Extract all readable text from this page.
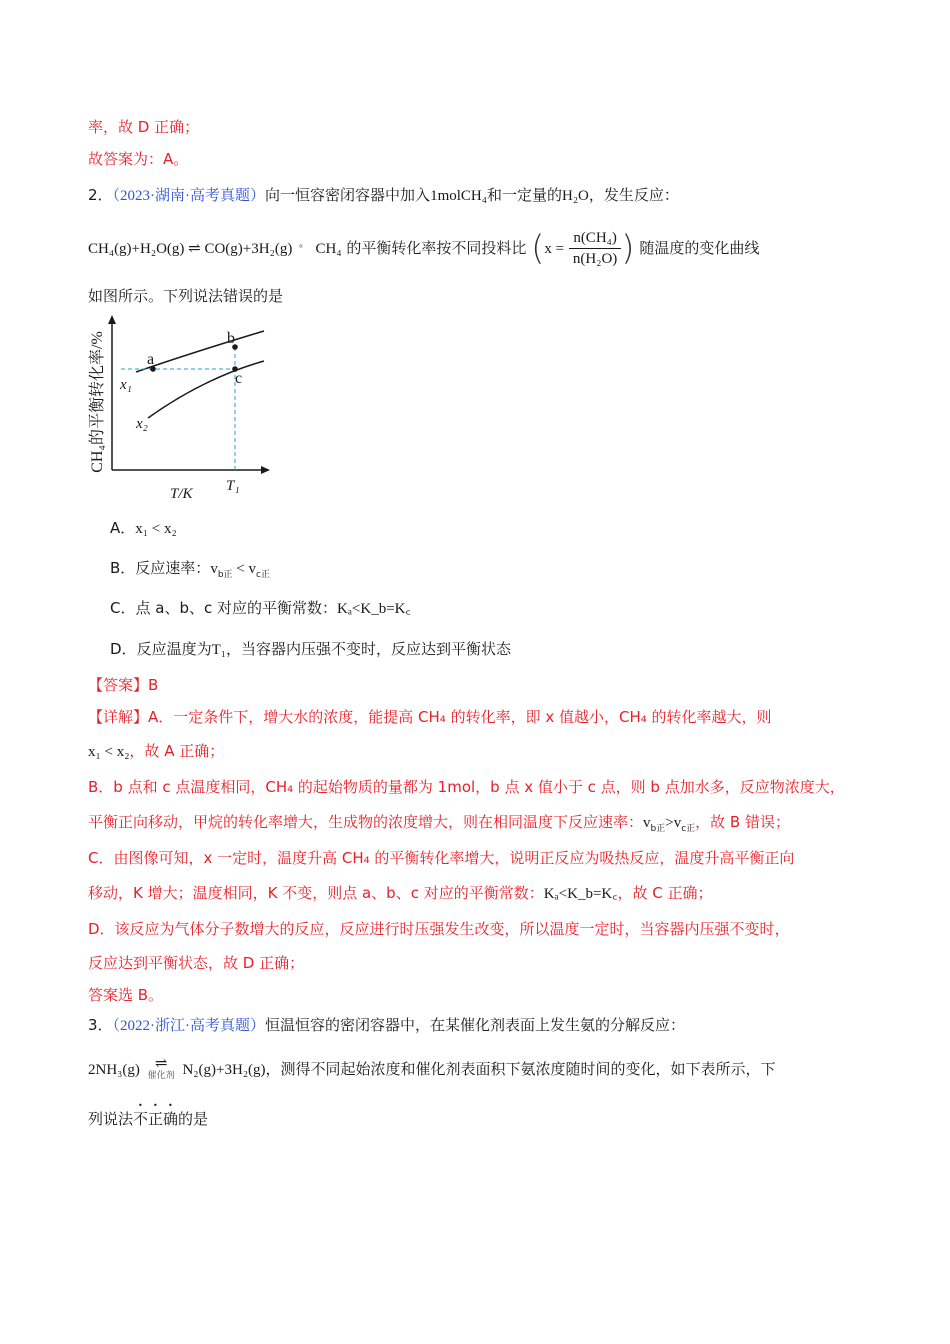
率，故 D 正确；
故答案为：A。
2．（2023·湖南·高考真题）向一恒容密闭容器中加入1molCH₄和一定量的H₂O，发生反应：
CH₄(g)+H₂O(g) ⇌ CO(g)+3H₂(g) ° CH₄ 的平衡转化率按不同投料比 ($x = \frac{\text{n(CH₄)}}{\text{n(H₂O)}}$ ) 随温度的变化曲线
如图所示。下列说法错误的是
CH₄的平衡转化率/%	a
b
c
x₁
x₂
T₁
T/K
A．x₁ < x₂
B．反应速率：$v_{b正} < v_{c正}$
C．点 a、b、c 对应的平衡常数：Kₐ<K_b=K꜀
D．反应温度为T₁，当容器内压强不变时，反应达到平衡状态
【答案】B
【详解】A．一定条件下，增大水的浓度，能提高 CH₄ 的转化率，即 x 值越小，CH₄ 的转化率越大，则
x₁ < x₂，故 A 正确；
B．b 点和 c 点温度相同，CH₄ 的起始物质的量都为 1mol，b 点 x 值小于 c 点，则 b 点加水多，反应物浓度大，
平衡正向移动，甲烷的转化率增大，生成物的浓度增大，则在相同温度下反应速率：$v_{b正}>v_{c正}$，故 B 错误；
C．由图像可知，x 一定时，温度升高 CH₄ 的平衡转化率增大，说明正反应为吸热反应，温度升高平衡正向
移动，K 增大；温度相同，K 不变，则点 a、b、c 对应的平衡常数：Kₐ<K_b=K꜀，故 C 正确；
D．该反应为气体分子数增大的反应，反应进行时压强发生改变，所以温度一定时，当容器内压强不变时，
反应达到平衡状态，故 D 正确；
答案选 B。
3．（2022·浙江·高考真题）恒温恒容的密闭容器中，在某催化剂表面上发生氨的分解反应：
2NH₃(g)	⇌
催化剂 N₂(g)+3H₂(g)，测得不同起始浓度和催化剂表面积下氨浓度随时间的变化，如下表所示，下
列说法不正确的是
